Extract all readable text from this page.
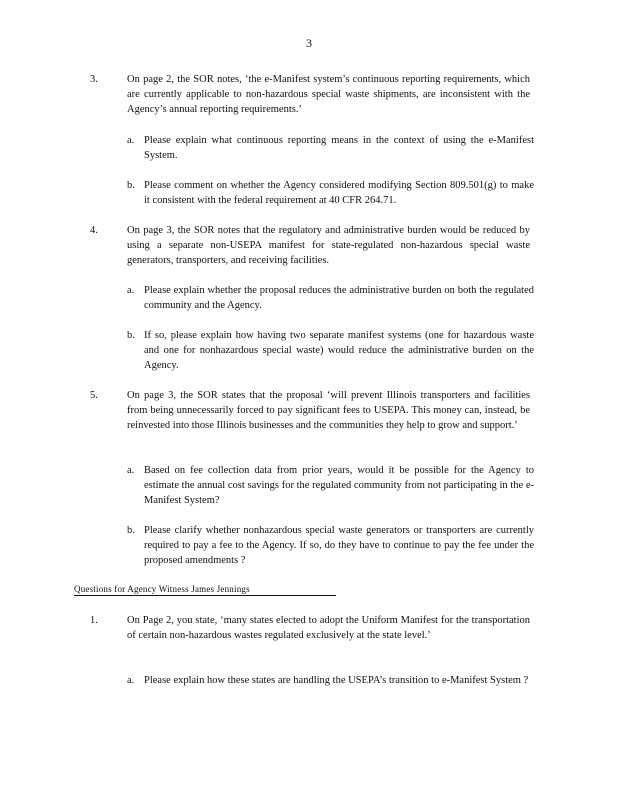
3
3.	On page 2, the SOR notes, ‘the e-Manifest system’s continuous reporting requirements, which are currently applicable to non-hazardous special waste shipments, are inconsistent with the Agency’s annual reporting requirements.’
a. Please explain what continuous reporting means in the context of using the e-Manifest System.
b. Please comment on whether the Agency considered modifying Section 809.501(g) to make it consistent with the federal requirement at 40 CFR 264.71.
4.	On page 3, the SOR notes that the regulatory and administrative burden would be reduced by using a separate non-USEPA manifest for state-regulated non-hazardous special waste generators, transporters, and receiving facilities.
a. Please explain whether the proposal reduces the administrative burden on both the regulated community and the Agency.
b. If so, please explain how having two separate manifest systems (one for hazardous waste and one for nonhazardous special waste) would reduce the administrative burden on the Agency.
5.	On page 3, the SOR states that the proposal ‘will prevent Illinois transporters and facilities from being unnecessarily forced to pay significant fees to USEPA. This money can, instead, be reinvested into those Illinois businesses and the communities they help to grow and support.’
a. Based on fee collection data from prior years, would it be possible for the Agency to estimate the annual cost savings for the regulated community from not participating in the e-Manifest System?
b. Please clarify whether nonhazardous special waste generators or transporters are currently required to pay a fee to the Agency. If so, do they have to continue to pay the fee under the proposed amendments ?
Questions for Agency Witness James Jennings
1.	On Page 2, you state, ‘many states elected to adopt the Uniform Manifest for the transportation of certain non-hazardous wastes regulated exclusively at the state level.’
a. Please explain how these states are handling the USEPA’s transition to e-Manifest System ?
